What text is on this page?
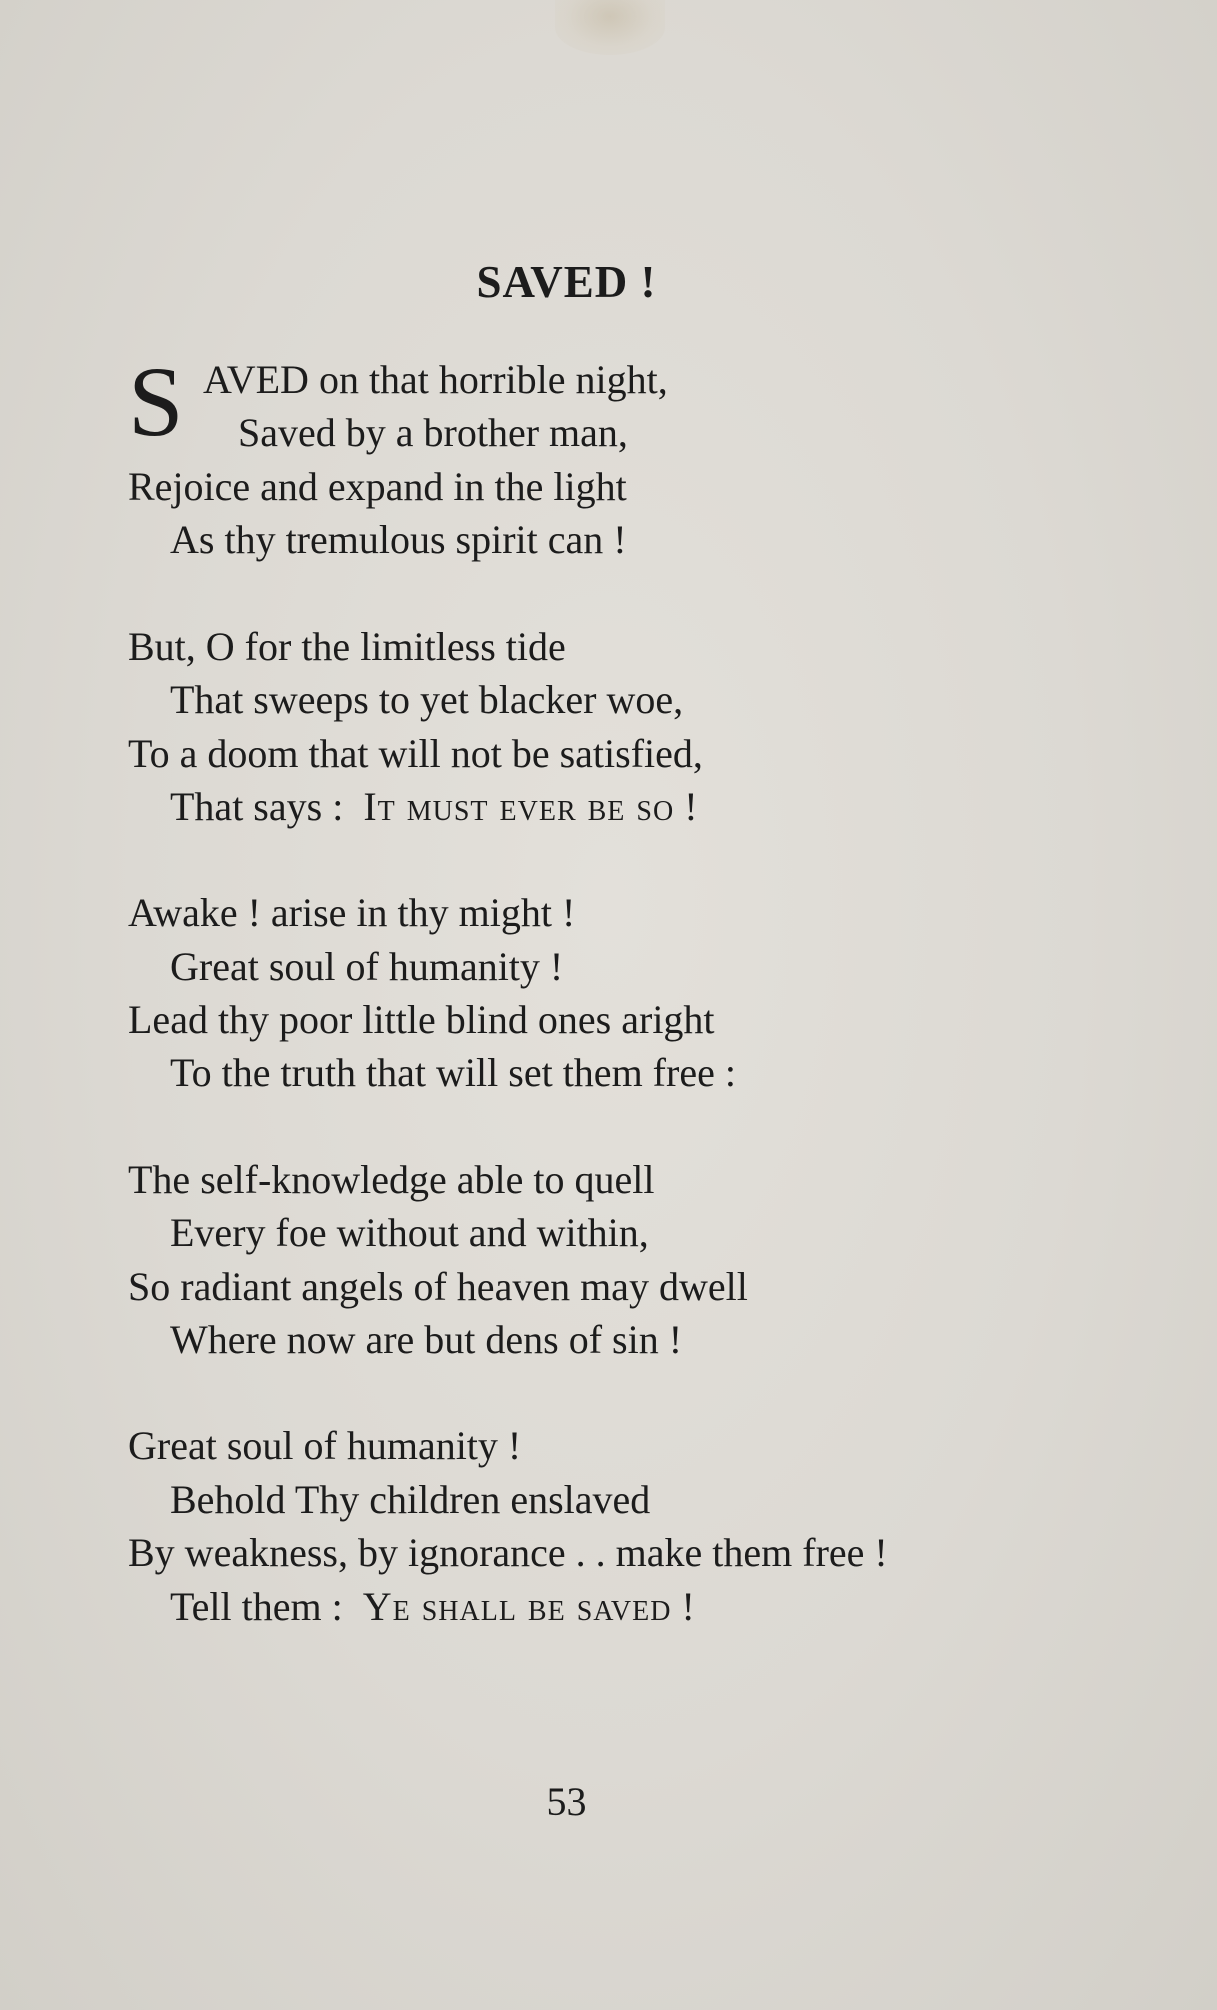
SAVED !
S AVED on that horrible night,

Saved by a brother man,

Rejoice and expand in the light

As thy tremulous spirit can !

But, O for the limitless tide

That sweeps to yet blacker woe,

To a doom that will not be satisfied,

That says : It must ever be so !

Awake ! arise in thy might !

Great soul of humanity !

Lead thy poor little blind ones aright

To the truth that will set them free :

The self-knowledge able to quell

Every foe without and within,

So radiant angels of heaven may dwell

Where now are but dens of sin !

Great soul of humanity !

Behold Thy children enslaved

By weakness, by ignorance . . make them free !

Tell them : Ye shall be saved !

53
